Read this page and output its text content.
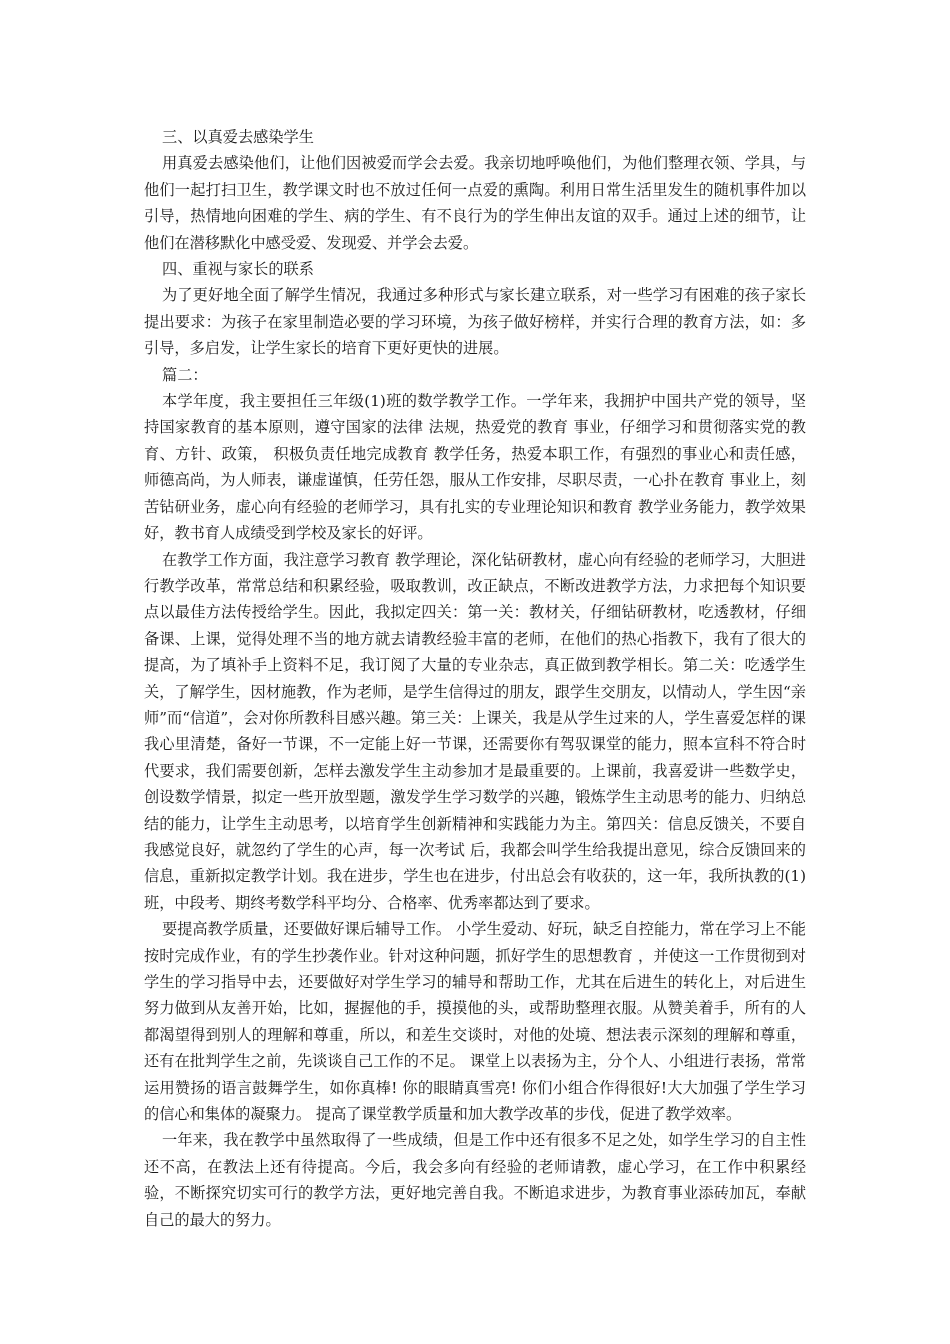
三、以真爱去感染学生

用真爱去感染他们，让他们因被爱而学会去爱。我亲切地呼唤他们，为他们整理衣领、学具，与他们一起打扫卫生，教学课文时也不放过任何一点爱的熏陶。利用日常生活里发生的随机事件加以引导，热情地向困难的学生、病的学生、有不良行为的学生伸出友谊的双手。通过上述的细节，让他们在潜移默化中感受爱、发现爱、并学会去爱。

四、重视与家长的联系

为了更好地全面了解学生情况，我通过多种形式与家长建立联系，对一些学习有困难的孩子家长提出要求：为孩子在家里制造必要的学习环境，为孩子做好榜样，并实行合理的教育方法，如：多引导，多启发，让学生家长的培育下更好更快的进展。

篇二：

本学年度，我主要担任三年级(1)班的数学教学工作。一学年来，我拥护中国共产党的领导，坚持国家教育的基本原则，遵守国家的法律 法规，热爱党的教育 事业，仔细学习和贯彻落实党的教育、方针、政策， 积极负责任地完成教育 教学任务，热爱本职工作，有强烈的事业心和责任感，师德高尚，为人师表，谦虚谨慎，任劳任怨，服从工作安排，尽职尽责，一心扑在教育 事业上，刻苦钻研业务，虚心向有经验的老师学习，具有扎实的专业理论知识和教育 教学业务能力，教学效果好，教书育人成绩受到学校及家长的好评。

在教学工作方面，我注意学习教育 教学理论，深化钻研教材，虚心向有经验的老师学习，大胆进行教学改革，常常总结和积累经验，吸取教训，改正缺点，不断改进教学方法，力求把每个知识要点以最佳方法传授给学生。因此，我拟定四关：第一关：教材关，仔细钻研教材，吃透教材，仔细备课、上课，觉得处理不当的地方就去请教经验丰富的老师，在他们的热心指教下，我有了很大的提高，为了填补手上资料不足，我订阅了大量的专业杂志，真正做到教学相长。第二关：吃透学生关，了解学生，因材施教，作为老师，是学生信得过的朋友，跟学生交朋友，以情动人，学生因“亲师”而“信道”，会对你所教科目感兴趣。第三关：上课关，我是从学生过来的人，学生喜爱怎样的课我心里清楚，备好一节课，不一定能上好一节课，还需要你有驾驭课堂的能力，照本宣科不符合时代要求，我们需要创新，怎样去激发学生主动参加才是最重要的。上课前，我喜爱讲一些数学史，创设数学情景，拟定一些开放型题，激发学生学习数学的兴趣，锻炼学生主动思考的能力、归纳总结的能力，让学生主动思考，以培育学生创新精神和实践能力为主。第四关：信息反馈关，不要自我感觉良好，就忽约了学生的心声，每一次考试 后，我都会叫学生给我提出意见，综合反馈回来的信息，重新拟定教学计划。我在进步，学生也在进步，付出总会有收获的，这一年，我所执教的(1)班，中段考、期终考数学科平均分、合格率、优秀率都达到了要求。

要提高教学质量，还要做好课后辅导工作。 小学生爱动、好玩，缺乏自控能力，常在学习上不能按时完成作业，有的学生抄袭作业。针对这种问题，抓好学生的思想教育 ，并使这一工作贯彻到对学生的学习指导中去，还要做好对学生学习的辅导和帮助工作，尤其在后进生的转化上，对后进生努力做到从友善开始，比如，握握他的手，摸摸他的头，或帮助整理衣服。从赞美着手，所有的人都渴望得到别人的理解和尊重，所以，和差生交谈时，对他的处境、想法表示深刻的理解和尊重，还有在批判学生之前，先谈谈自己工作的不足。 课堂上以表扬为主，分个人、小组进行表扬，常常运用赞扬的语言鼓舞学生，如你真棒! 你的眼睛真雪亮! 你们小组合作得很好!大大加强了学生学习的信心和集体的凝聚力。 提高了课堂教学质量和加大教学改革的步伐，促进了教学效率。

一年来，我在教学中虽然取得了一些成绩，但是工作中还有很多不足之处，如学生学习的自主性还不高，在教法上还有待提高。今后，我会多向有经验的老师请教，虚心学习，在工作中积累经验，不断探究切实可行的教学方法，更好地完善自我。不断追求进步，为教育事业添砖加瓦，奉献自己的最大的努力。
